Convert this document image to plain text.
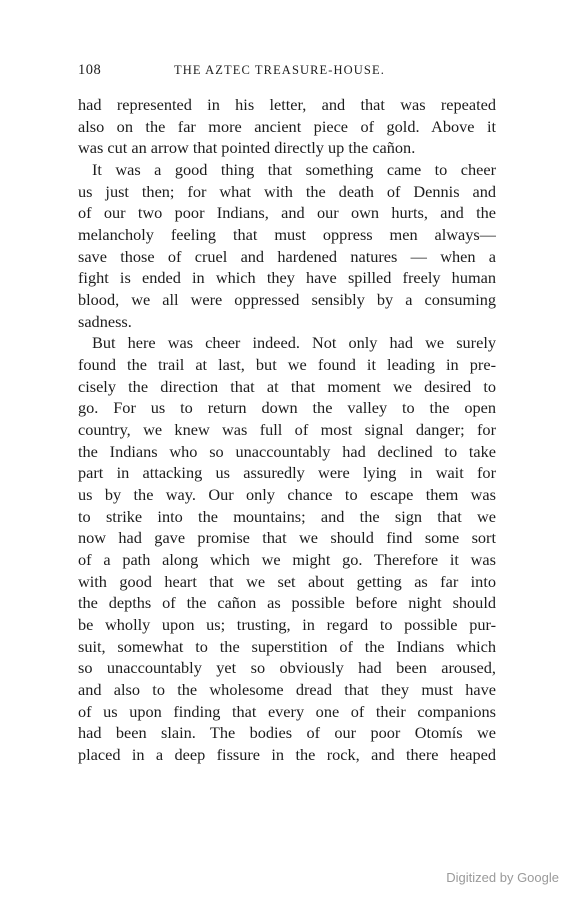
108	THE AZTEC TREASURE-HOUSE.
had represented in his letter, and that was repeated
also on the far more ancient piece of gold. Above it
was cut an arrow that pointed directly up the cañon.
It was a good thing that something came to cheer
us just then; for what with the death of Dennis and
of our two poor Indians, and our own hurts, and the
melancholy feeling that must oppress men always—
save those of cruel and hardened natures — when a
fight is ended in which they have spilled freely human
blood, we all were oppressed sensibly by a consuming
sadness.
But here was cheer indeed. Not only had we surely
found the trail at last, but we found it leading in pre-
cisely the direction that at that moment we desired to
go. For us to return down the valley to the open
country, we knew was full of most signal danger; for
the Indians who so unaccountably had declined to take
part in attacking us assuredly were lying in wait for
us by the way. Our only chance to escape them was
to strike into the mountains; and the sign that we
now had gave promise that we should find some sort
of a path along which we might go. Therefore it was
with good heart that we set about getting as far into
the depths of the cañon as possible before night should
be wholly upon us; trusting, in regard to possible pur-
suit, somewhat to the superstition of the Indians which
so unaccountably yet so obviously had been aroused,
and also to the wholesome dread that they must have
of us upon finding that every one of their companions
had been slain. The bodies of our poor Otomís we
placed in a deep fissure in the rock, and there heaped
Digitized by Google
